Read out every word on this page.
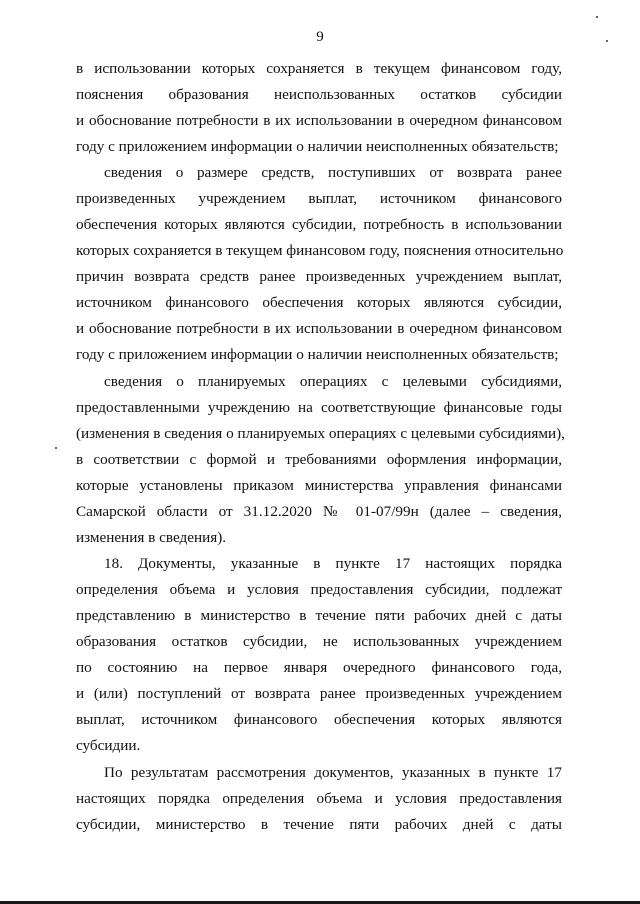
9
в использовании которых сохраняется в текущем финансовом году,
пояснения образования неиспользованных остатков субсидии
и обоснование потребности в их использовании в очередном финансовом
году с приложением информации о наличии неисполненных обязательств;
сведения о размере средств, поступивших от возврата ранее
произведенных учреждением выплат, источником финансового
обеспечения которых являются субсидии, потребность в использовании
которых сохраняется в текущем финансовом году, пояснения относительно
причин возврата средств ранее произведенных учреждением выплат,
источником финансового обеспечения которых являются субсидии,
и обоснование потребности в их использовании в очередном финансовом
году с приложением информации о наличии неисполненных обязательств;
сведения о планируемых операциях с целевыми субсидиями,
предоставленными учреждению на соответствующие финансовые годы
(изменения в сведения о планируемых операциях с целевыми субсидиями),
в соответствии с формой и требованиями оформления информации,
которые установлены приказом министерства управления финансами
Самарской области от 31.12.2020 № 01-07/99н (далее – сведения,
изменения в сведения).
18. Документы, указанные в пункте 17 настоящих порядка
определения объема и условия предоставления субсидии, подлежат
представлению в министерство в течение пяти рабочих дней с даты
образования остатков субсидии, не использованных учреждением
по состоянию на первое января очередного финансового года,
и (или) поступлений от возврата ранее произведенных учреждением
выплат, источником финансового обеспечения которых являются
субсидии.
По результатам рассмотрения документов, указанных в пункте 17
настоящих порядка определения объема и условия предоставления
субсидии, министерство в течение пяти рабочих дней с даты
